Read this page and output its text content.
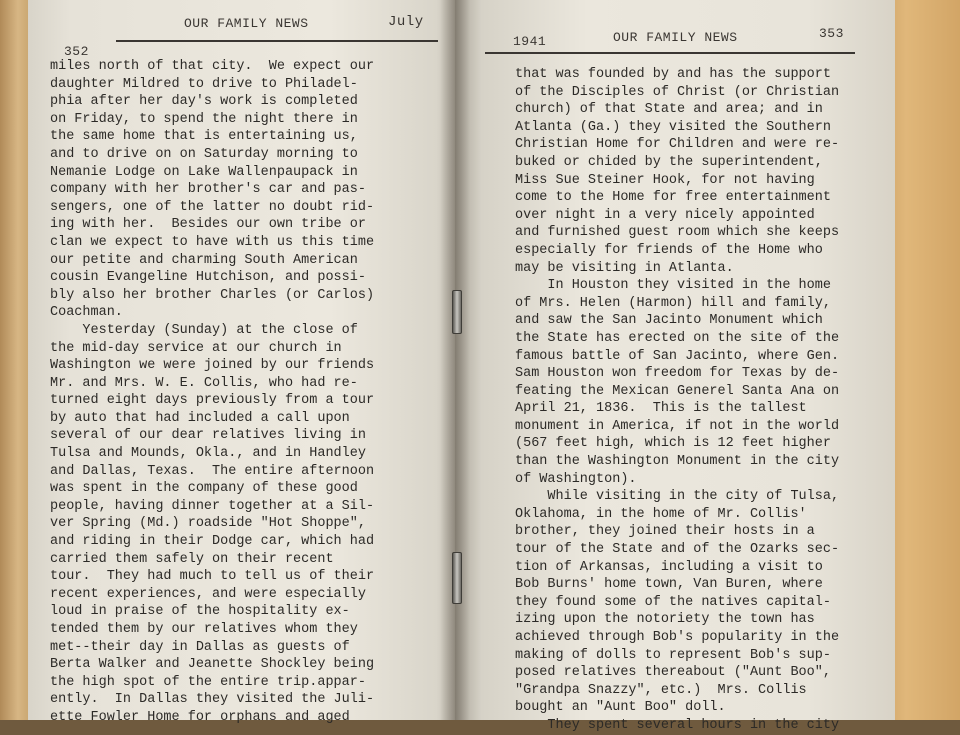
352
OUR FAMILY NEWS	July
miles north of that city.  We expect our
daughter Mildred to drive to Philadel-
phia after her day's work is completed
on Friday, to spend the night there in
the same home that is entertaining us,
and to drive on on Saturday morning to
Nemanie Lodge on Lake Wallenpaupack in
company with her brother's car and pas-
sengers, one of the latter no doubt rid-
ing with her.  Besides our own tribe or
clan we expect to have with us this time
our petite and charming South American
cousin Evangeline Hutchison, and possi-
bly also her brother Charles (or Carlos)
Coachman.
Yesterday (Sunday) at the close of
the mid-day service at our church in
Washington we were joined by our friends
Mr. and Mrs. W. E. Collis, who had re-
turned eight days previously from a tour
by auto that had included a call upon
several of our dear relatives living in
Tulsa and Mounds, Okla., and in Handley
and Dallas, Texas.  The entire afternoon
was spent in the company of these good
people, having dinner together at a Sil-
ver Spring (Md.) roadside "Hot Shoppe",
and riding in their Dodge car, which had
carried them safely on their recent
tour.  They had much to tell us of their
recent experiences, and were especially
loud in praise of the hospitality ex-
tended them by our relatives whom they
met--their day in Dallas as guests of
Berta Walker and Jeanette Shockley being
the high spot of the entire trip.appar-
ently.  In Dallas they visited the Juli-
ette Fowler Home for orphans and aged
1941	OUR FAMILY NEWS	353
that was founded by and has the support
of the Disciples of Christ (or Christian
church) of that State and area; and in
Atlanta (Ga.) they visited the Southern
Christian Home for Children and were re-
buked or chided by the superintendent,
Miss Sue Steiner Hook, for not having
come to the Home for free entertainment
over night in a very nicely appointed
and furnished guest room which she keeps
especially for friends of the Home who
may be visiting in Atlanta.
In Houston they visited in the home
of Mrs. Helen (Harmon) hill and family,
and saw the San Jacinto Monument which
the State has erected on the site of the
famous battle of San Jacinto, where Gen.
Sam Houston won freedom for Texas by de-
feating the Mexican Generel Santa Ana on
April 21, 1836.  This is the tallest
monument in America, if not in the world
(567 feet high, which is 12 feet higher
than the Washington Monument in the city
of Washington).
While visiting in the city of Tulsa,
Oklahoma, in the home of Mr. Collis'
brother, they joined their hosts in a
tour of the State and of the Ozarks sec-
tion of Arkansas, including a visit to
Bob Burns' home town, Van Buren, where
they found some of the natives capital-
izing upon the notoriety the town has
achieved through Bob's popularity in the
making of dolls to represent Bob's sup-
posed relatives thereabout ("Aunt Boo",
"Grandpa Snazzy", etc.)  Mrs. Collis
bought an "Aunt Boo" doll.
They spent several hours in the city
